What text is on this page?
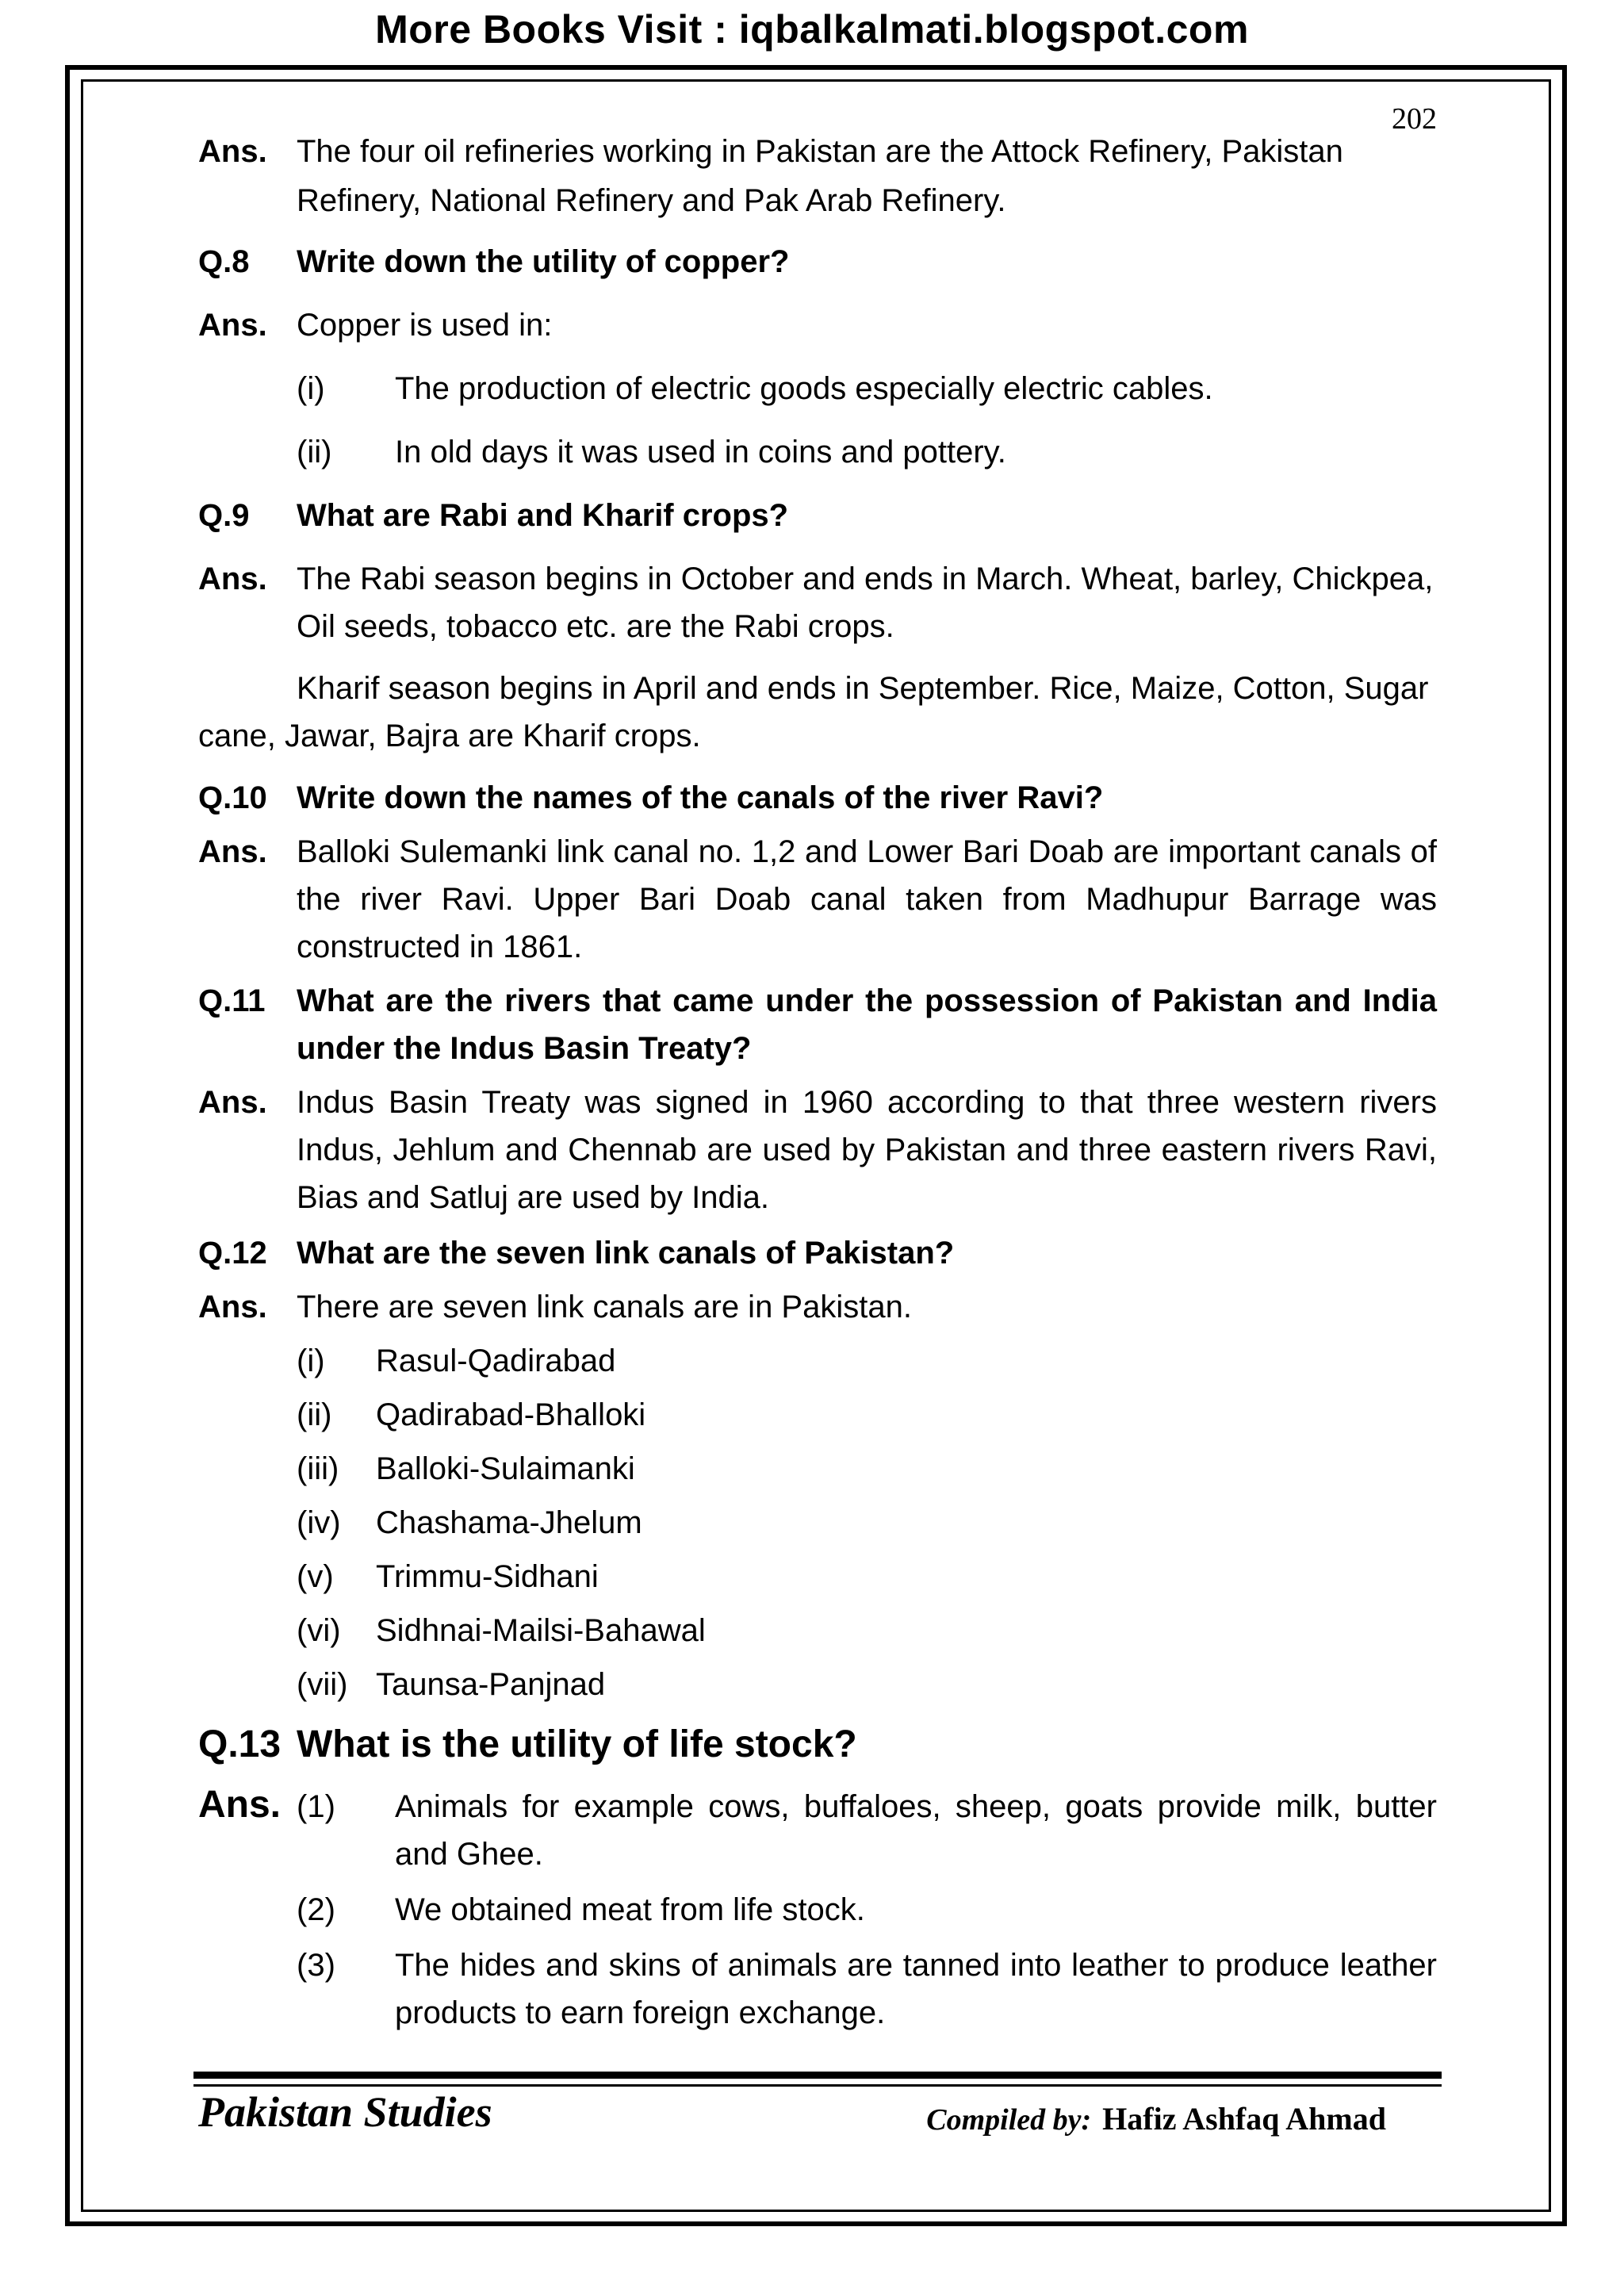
More Books Visit : iqbalkalmati.blogspot.com
202
Ans. The four oil refineries working in Pakistan are the Attock Refinery, Pakistan Refinery, National Refinery and Pak Arab Refinery.
Q.8	Write down the utility of copper?
Ans. Copper is used in:
(i)	The production of electric goods especially electric cables.
(ii)	In old days it was used in coins and pottery.
Q.9	What are Rabi and Kharif crops?
Ans. The Rabi season begins in October and ends in March. Wheat, barley, Chickpea, Oil seeds, tobacco etc. are the Rabi crops.
Kharif season begins in April and ends in September. Rice, Maize, Cotton, Sugar cane, Jawar, Bajra are Kharif crops.
Q.10 Write down the names of the canals of the river Ravi?
Ans. Balloki Sulemanki link canal no. 1,2 and Lower Bari Doab are important canals of the river Ravi. Upper Bari Doab canal taken from Madhupur Barrage was constructed in 1861.
Q.11 What are the rivers that came under the possession of Pakistan and India under the Indus Basin Treaty?
Ans. Indus Basin Treaty was signed in 1960 according to that three western rivers Indus, Jehlum and Chennab are used by Pakistan and three eastern rivers Ravi, Bias and Satluj are used by India.
Q.12 What are the seven link canals of Pakistan?
Ans. There are seven link canals are in Pakistan.
(i)	Rasul-Qadirabad
(ii)	Qadirabad-Bhalloki
(iii)	Balloki-Sulaimanki
(iv)	Chashama-Jhelum
(v)	Trimmu-Sidhani
(vi)	Sidhnai-Mailsi-Bahawal
(vii) Taunsa-Panjnad
Q.13 What is the utility of life stock?
Ans. (1)	Animals for example cows, buffaloes, sheep, goats provide milk, butter and Ghee.
(2)	We obtained meat from life stock.
(3)	The hides and skins of animals are tanned into leather to produce leather products to earn foreign exchange.
Pakistan Studies	Compiled by: Hafiz Ashfaq Ahmad
